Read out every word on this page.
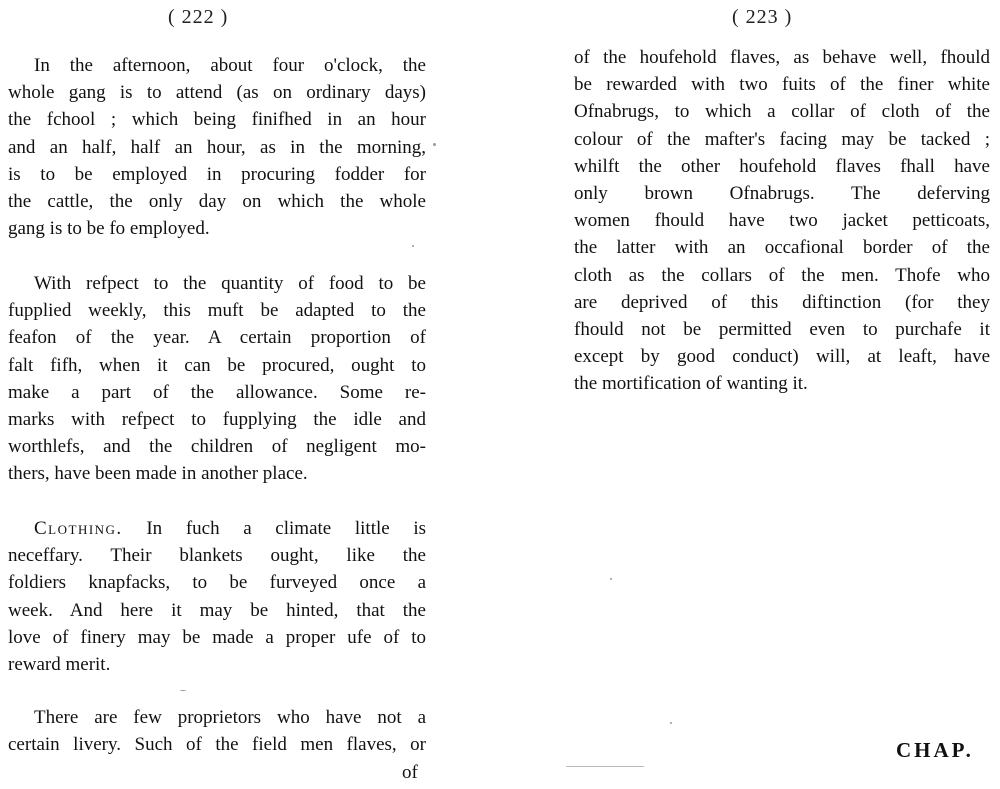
( 222 )
In the afternoon, about four o'clock, the
whole gang is to attend (as on ordinary days)
the fchool ; which being finifhed in an hour
and an half, half an hour, as in the morning,
is to be employed in procuring fodder for
the cattle, the only day on which the whole
gang is to be fo employed.
With refpect to the quantity of food to be
fupplied weekly, this muft be adapted to the
feafon of the year. A certain proportion of
falt fifh, when it can be procured, ought to
make a part of the allowance. Some re-
marks with refpect to fupplying the idle and
worthlefs, and the children of negligent mo-
thers, have been made in another place.
Clothing. In fuch a climate little is
neceffary. Their blankets ought, like the
foldiers knapfacks, to be furveyed once a
week. And here it may be hinted, that the
love of finery may be made a proper ufe of to
reward merit.
There are few proprietors who have not a
certain livery. Such of the field men flaves, or
of
( 223 )
of the houfehold flaves, as behave well, fhould
be rewarded with two fuits of the finer white
Ofnabrugs, to which a collar of cloth of the
colour of the mafter's facing may be tacked ;
whilft the other houfehold flaves fhall have
only brown Ofnabrugs. The deferving
women fhould have two jacket petticoats,
the latter with an occafional border of the
cloth as the collars of the men. Thofe who
are deprived of this diftinction (for they
fhould not be permitted even to purchafe it
except by good conduct) will, at leaft, have
the mortification of wanting it.
CHAP.
